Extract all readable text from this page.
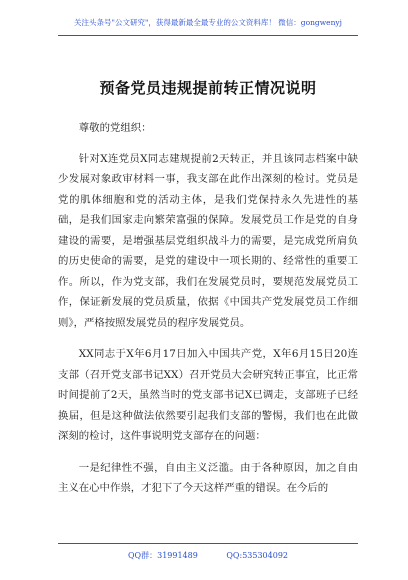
关注头条号"公文研究"，获得最新最全最专业的公文资料库！ 微信：gongwenyj
预备党员违规提前转正情况说明

尊敬的党组织：

针对X连党员X同志建规提前2天转正，并且该同志档案中缺少发展对象政审材料一事，我支部在此作出深刻的检讨。党员是党的肌体细胞和党的活动主体，是我们党保持永久先进性的基础，是我们国家走向繁荣富强的保障。发展党员工作是党的自身建设的需要，是增强基层党组织战斗力的需要，是完成党所肩负的历史使命的需要，是党的建设中一项长期的、经常性的重要工作。所以，作为党支部，我们在发展党员时，要规范发展党员工作，保证新发展的党员质量，依据《中国共产党发展党员工作细则》，严格按照发展党员的程序发展党员。

XX同志于X年6月17日加入中国共产党，X年6月15日20连支部（召开党支部书记XX）召开党员大会研究转正事宜，比正常时间提前了2天，虽然当时的党支部书记X已调走，支部班子已经换届，但是这种做法依然要引起我们支部的警惕，我们也在此做深刻的检讨，这件事说明党支部存在的问题：

一是纪律性不强，自由主义泛滥。由于各种原因，加之自由主义在心中作祟，才犯下了今天这样严重的错误。在今后的

QQ群：31991489	QQ:535304092
